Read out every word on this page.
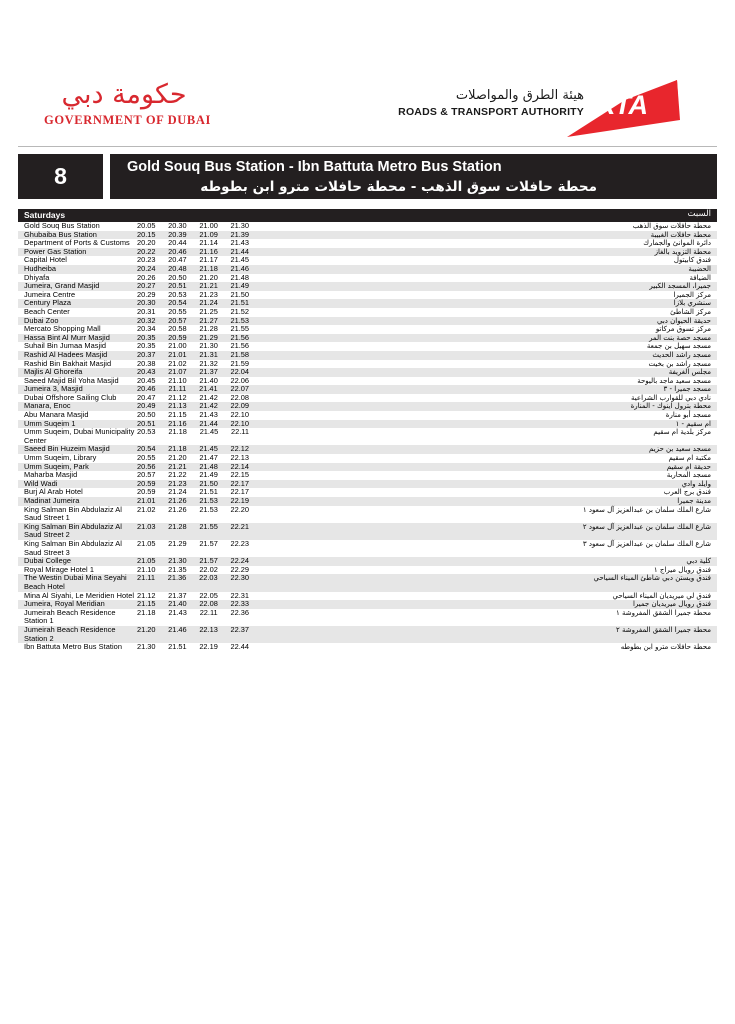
حكومة دبي
GOVERNMENT OF DUBAI
هيئة الطرق والمواصلات
ROADS & TRANSPORT AUTHORITY RTA
8	Gold Souq Bus Station - Ibn Battuta Metro Bus Station
محطة حافلات سوق الذهب - محطة حافلات مترو ابن بطوطه
Saturdays	السبت
Gold Souq Bus Station	20.05 20.30 21.00 21.30	محطة حافلات سوق الذهب
Ghubaiba Bus Station	20.15 20.39 21.09 21.39	محطة حافلات الغبيبة
Department of Ports & Customs 20.20 20.44 21.14 21.43	دائرة الموانئ والجمارك
Power Gas Station	20.22 20.46 21.16 21.44	محطة التزويد بالغاز
Capital Hotel	20.23 20.47 21.17 21.45	فندق كابيتول
Hudheiba	20.24 20.48 21.18 21.46	الحضيبة
Dhiyafa	20.26 20.50 21.20 21.48	الضيافة
Jumeira, Grand Masjid	20.27 20.51 21.21 21.49	جميرا، المسجد الكبير
Jumeira Centre	20.29 20.53 21.23 21.50	مركز الجميرا
Century Plaza	20.30 20.54 21.24 21.51	سنشري بلازا
Beach Center	20.31 20.55 21.25 21.52	مركز الشاطئ
Dubai Zoo	20.32 20.57 21.27 21.53	حديقة الحيوان دبي
Mercato Shopping Mall	20.34 20.58 21.28 21.55	مركز تسوق مركاتو
Hassa Bint Al Murr Masjid	20.35 20.59 21.29 21.56	مسجد حصة بنت المر
Suhail Bin Jumaa Masjid	20.35 21.00 21.30 21.56	مسجد سهيل بن جمعة
Rashid Al Hadees Masjid	20.37 21.01 21.31 21.58	مسجد راشد الحديث
Rashid Bin Bakhait Masjid	20.38 21.02 21.32 21.59	مسجد راشد بن بخيت
Majlis Al Ghoreifa	20.43 21.07 21.37 22.04	مجلس الغريفة
Saeed Majid Bil Yoha Masjid	20.45 21.10 21.40 22.06	مسجد سعيد ماجد باليوحة
Jumeira 3, Masjid	20.46 21.11 21.41 22.07	مسجد جميرا - ٣
Dubai Offshore Sailing Club	20.47 21.12 21.42 22.08	نادي دبي للقوارب الشراعية
Manara, Enoc	20.49 21.13 21.42 22.09	محطة بترول اينوك - المنارة
Abu Manara Masjid	20.50 21.15 21.43 22.10	مسجد أبو منارة
Umm Suqeim 1	20.51 21.16 21.44 22.10	ام سقيم - ١
Umm Suqeim, Dubai Municipality Center
20.53 21.18 21.45 22.11	مركز بلدية ام سقيم
Saeed Bin Huzeim Masjid	20.54 21.18 21.45 22.12	مسجد سعيد بن حزيم
Umm Suqeim, Library	20.55 21.20 21.47 22.13	مكتبة ام سقيم
Umm Suqeim, Park	20.56 21.21 21.48 22.14	حديقة ام سقيم
Maharba Masjid	20.57 21.22 21.49 22.15	مسجد المحاربة
Wild Wadi	20.59 21.23 21.50 22.17	وايلد وادي
Burj Al Arab Hotel	20.59 21.24 21.51 22.17	فندق برج العرب
Madinat Jumeira	21.01 21.26 21.53 22.19	مدينة جميرا
King Salman Bin Abdulaziz Al Saud Street 1
21.02 21.26 21.53 22.20	شارع الملك سلمان بن عبدالعزيز آل سعود ١
King Salman Bin Abdulaziz Al Saud Street 2
21.03 21.28 21.55 22.21	شارع الملك سلمان بن عبدالعزيز آل سعود ٢
King Salman Bin Abdulaziz Al Saud Street 3
21.05 21.29 21.57 22.23	شارع الملك سلمان بن عبدالعزيز آل سعود ٣
Dubai College	21.05 21.30 21.57 22.24	كلية دبي
Royal Mirage Hotel 1	21.10 21.35 22.02 22.29	فندق رويال ميراج ١
The Westin Dubai Mina Seyahi Beach Hotel
21.11 21.36 22.03 22.30	فندق ويستن دبي شاطئ الميناء السياحي
Mina Al Siyahi, Le Meridien Hotel 21.12 21.37 22.05 22.31	فندق لي ميريديان الميناء السياحي
Jumeira, Royal Meridian	21.15 21.40 22.08 22.33	فندق رويال ميريديان جميرا
Jumeirah Beach Residence Station 1
21.18 21.43 22.11 22.36	محطة جميرا الشقق المفروشة ١
Jumeirah Beach Residence Station 2
21.20 21.46 22.13 22.37	محطة جميرا الشقق المفروشة ٢
Ibn Battuta Metro Bus Station	21.30 21.51 22.19 22.44	محطة حافلات مترو ابن بطوطه
